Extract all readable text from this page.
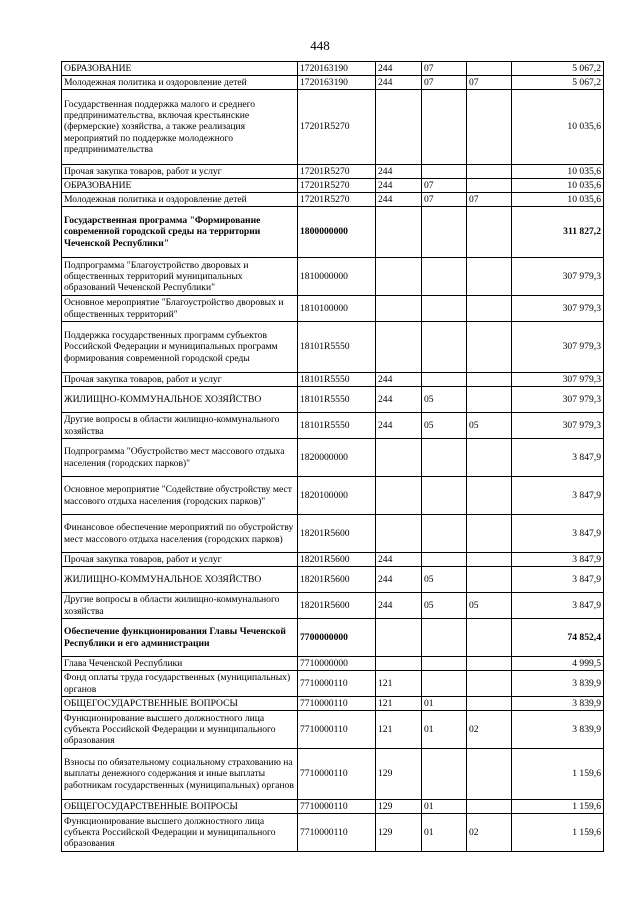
448
ОБРАЗОВАНИЕ	1720163190	244	07		5 067,2
Молодежная политика и оздоровление детей	1720163190	244	07	07	5 067,2
Государственная поддержка малого и среднего предпринимательства, включая крестьянские (фермерские) хозяйства, а также реализация мероприятий по поддержке молодежного предпринимательства	17201R5270				10 035,6
Прочая закупка товаров, работ и услуг	17201R5270	244			10 035,6
ОБРАЗОВАНИЕ	17201R5270	244	07		10 035,6
Молодежная политика и оздоровление детей	17201R5270	244	07	07	10 035,6
Государственная программа "Формирование современной городской среды на территории Чеченской Республики"	1800000000				311 827,2
Подпрограмма "Благоустройство дворовых и общественных территорий муниципальных образований Чеченской Республики"	1810000000				307 979,3
Основное мероприятие "Благоустройство дворовых и общественных территорий"	1810100000				307 979,3
Поддержка государственных программ субъектов Российской Федерации и муниципальных программ формирования современной городской среды	18101R5550				307 979,3
Прочая закупка товаров, работ и услуг	18101R5550	244			307 979,3
ЖИЛИЩНО-КОММУНАЛЬНОЕ ХОЗЯЙСТВО	18101R5550	244	05		307 979,3
Другие вопросы в области жилищно-коммунального хозяйства	18101R5550	244	05	05	307 979,3
Подпрограмма "Обустройство мест массового отдыха населения (городских парков)"	1820000000				3 847,9
Основное мероприятие "Содействие обустройству мест массового отдыха населения (городских парков)"	1820100000				3 847,9
Финансовое обеспечение мероприятий по обустройству мест массового отдыха населения (городских парков)	18201R5600				3 847,9
Прочая закупка товаров, работ и услуг	18201R5600	244			3 847,9
ЖИЛИЩНО-КОММУНАЛЬНОЕ ХОЗЯЙСТВО	18201R5600	244	05		3 847,9
Другие вопросы в области жилищно-коммунального хозяйства	18201R5600	244	05	05	3 847,9
Обеспечение функционирования Главы Чеченской Республики и его администрации	7700000000				74 852,4
Глава Чеченской Республики	7710000000				4 999,5
Фонд оплаты труда государственных (муниципальных) органов	7710000110	121			3 839,9
ОБЩЕГОСУДАРСТВЕННЫЕ ВОПРОСЫ	7710000110	121	01		3 839,9
Функционирование высшего должностного лица субъекта Российской Федерации и муниципального образования	7710000110	121	01	02	3 839,9
Взносы по обязательному социальному страхованию на выплаты денежного содержания и иные выплаты работникам государственных (муниципальных) органов	7710000110	129			1 159,6
ОБЩЕГОСУДАРСТВЕННЫЕ ВОПРОСЫ	7710000110	129	01		1 159,6
Функционирование высшего должностного лица субъекта Российской Федерации и муниципального образования	7710000110	129	01	02	1 159,6
